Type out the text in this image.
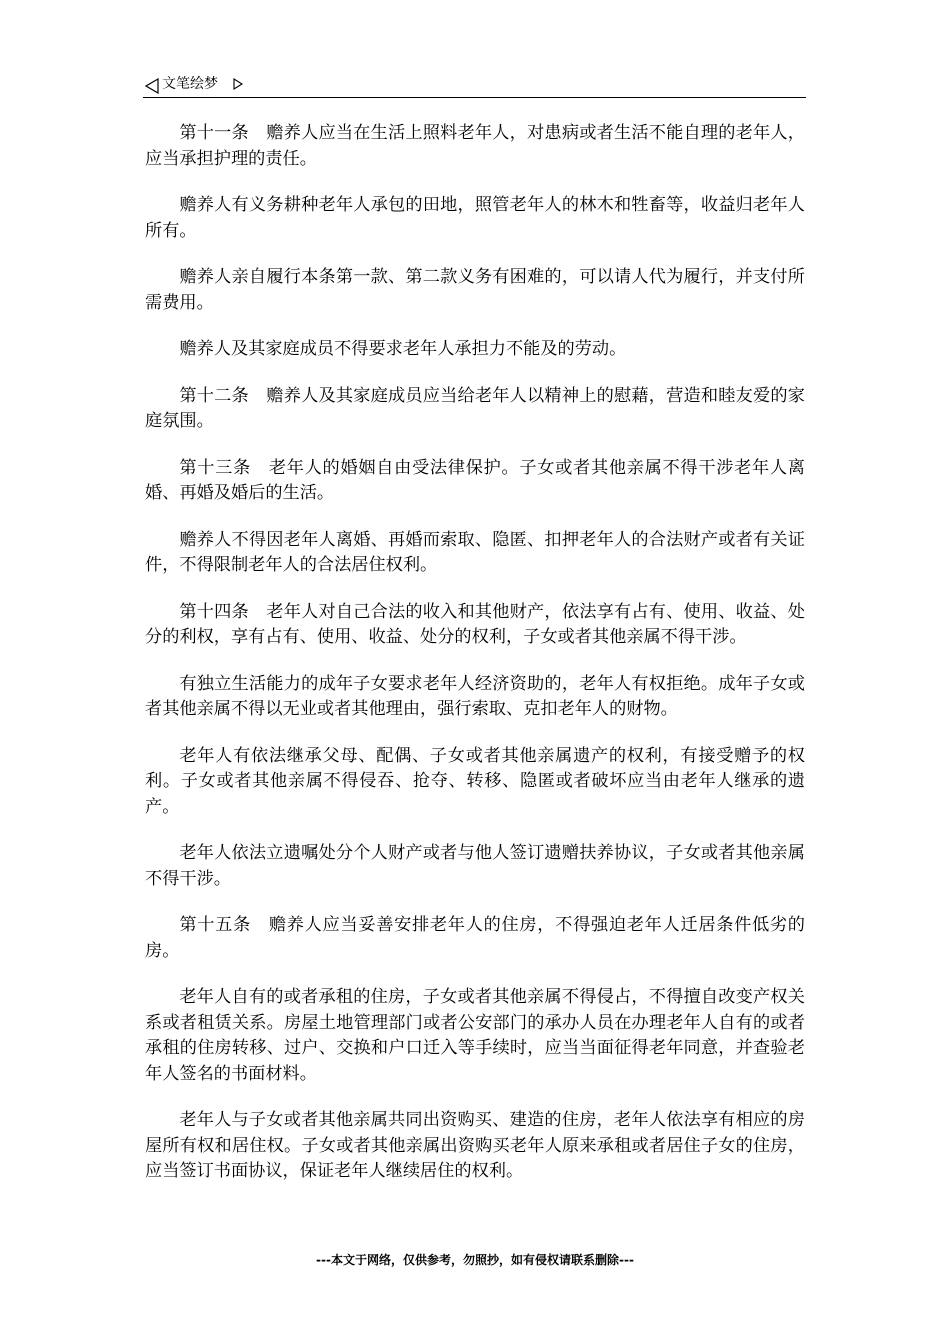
文笔绘梦

第十一条　赡养人应当在生活上照料老年人，对患病或者生活不能自理的老年人，应当承担护理的责任。

赡养人有义务耕种老年人承包的田地，照管老年人的林木和牲畜等，收益归老年人所有。

赡养人亲自履行本条第一款、第二款义务有困难的，可以请人代为履行，并支付所需费用。

赡养人及其家庭成员不得要求老年人承担力不能及的劳动。

第十二条　赡养人及其家庭成员应当给老年人以精神上的慰藉，营造和睦友爱的家庭氛围。

第十三条　老年人的婚姻自由受法律保护。子女或者其他亲属不得干涉老年人离婚、再婚及婚后的生活。

赡养人不得因老年人离婚、再婚而索取、隐匿、扣押老年人的合法财产或者有关证件，不得限制老年人的合法居住权利。

第十四条　老年人对自己合法的收入和其他财产，依法享有占有、使用、收益、处分的利权，享有占有、使用、收益、处分的权利，子女或者其他亲属不得干涉。

有独立生活能力的成年子女要求老年人经济资助的，老年人有权拒绝。成年子女或者其他亲属不得以无业或者其他理由，强行索取、克扣老年人的财物。

老年人有依法继承父母、配偶、子女或者其他亲属遗产的权利，有接受赠予的权利。子女或者其他亲属不得侵吞、抢夺、转移、隐匿或者破坏应当由老年人继承的遗产。

老年人依法立遗嘱处分个人财产或者与他人签订遗赠扶养协议，子女或者其他亲属不得干涉。

第十五条　赡养人应当妥善安排老年人的住房，不得强迫老年人迁居条件低劣的房。

老年人自有的或者承租的住房，子女或者其他亲属不得侵占，不得擅自改变产权关系或者租赁关系。房屋土地管理部门或者公安部门的承办人员在办理老年人自有的或者承租的住房转移、过户、交换和户口迁入等手续时，应当当面征得老年同意，并查验老年人签名的书面材料。

老年人与子女或者其他亲属共同出资购买、建造的住房，老年人依法享有相应的房屋所有权和居住权。子女或者其他亲属出资购买老年人原来承租或者居住子女的住房，应当签订书面协议，保证老年人继续居住的权利。

---本文于网络，仅供参考，勿照抄，如有侵权请联系删除---
